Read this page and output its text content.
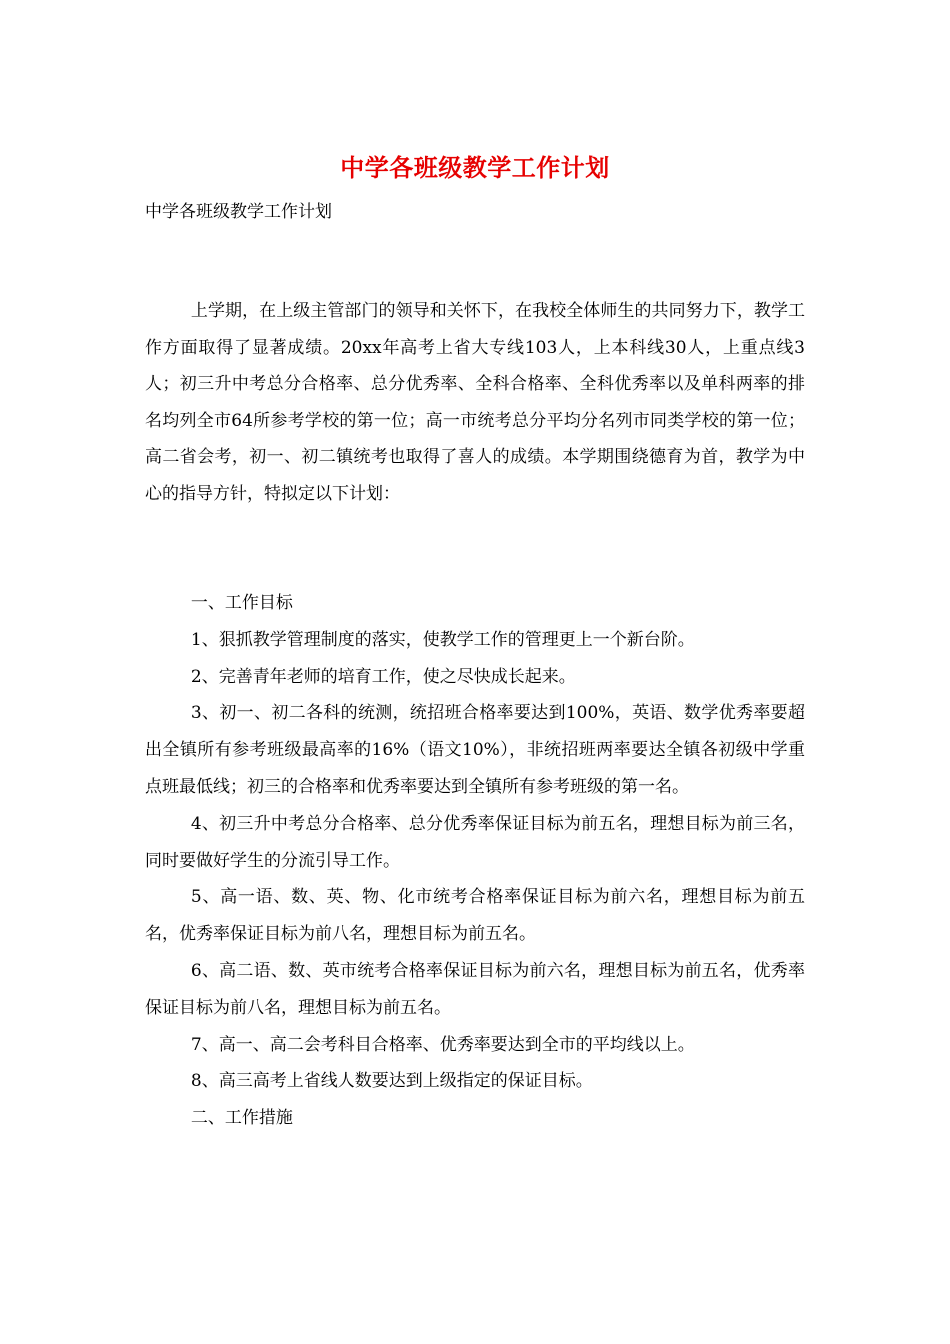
中学各班级教学工作计划
中学各班级教学工作计划

上学期，在上级主管部门的领导和关怀下，在我校全体师生的共同努力下，教学工作方面取得了显著成绩。20xx年高考上省大专线103人，上本科线30人，上重点线3人；初三升中考总分合格率、总分优秀率、全科合格率、全科优秀率以及单科两率的排名均列全市64所参考学校的第一位；高一市统考总分平均分名列市同类学校的第一位；高二省会考，初一、初二镇统考也取得了喜人的成绩。本学期围绕德育为首，教学为中心的指导方针，特拟定以下计划：

一、工作目标

1、狠抓教学管理制度的落实，使教学工作的管理更上一个新台阶。

2、完善青年老师的培育工作，使之尽快成长起来。

3、初一、初二各科的统测，统招班合格率要达到100%，英语、数学优秀率要超出全镇所有参考班级最高率的16%（语文10%），非统招班两率要达全镇各初级中学重点班最低线；初三的合格率和优秀率要达到全镇所有参考班级的第一名。

4、初三升中考总分合格率、总分优秀率保证目标为前五名，理想目标为前三名，同时要做好学生的分流引导工作。

5、高一语、数、英、物、化市统考合格率保证目标为前六名，理想目标为前五名，优秀率保证目标为前八名，理想目标为前五名。

6、高二语、数、英市统考合格率保证目标为前六名，理想目标为前五名，优秀率保证目标为前八名，理想目标为前五名。

7、高一、高二会考科目合格率、优秀率要达到全市的平均线以上。

8、高三高考上省线人数要达到上级指定的保证目标。

二、工作措施
